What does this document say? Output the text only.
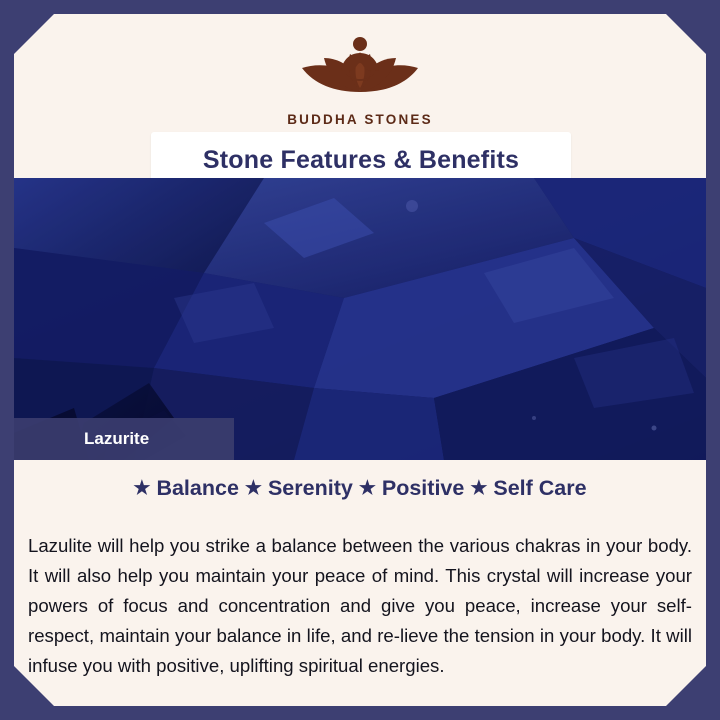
BUDDHA STONES
Stone Features & Benefits
Lazurite
★ Balance ★ Serenity ★ Positive ★ Self Care

Lazulite will help you strike a balance between the various chakras in your body. It will also help you maintain your peace of mind. This crystal will increase your powers of focus and concentration and give you peace, increase your self-respect, maintain your balance in life, and re-lieve the tension in your body. It will infuse you with positive, uplifting spiritual energies.
